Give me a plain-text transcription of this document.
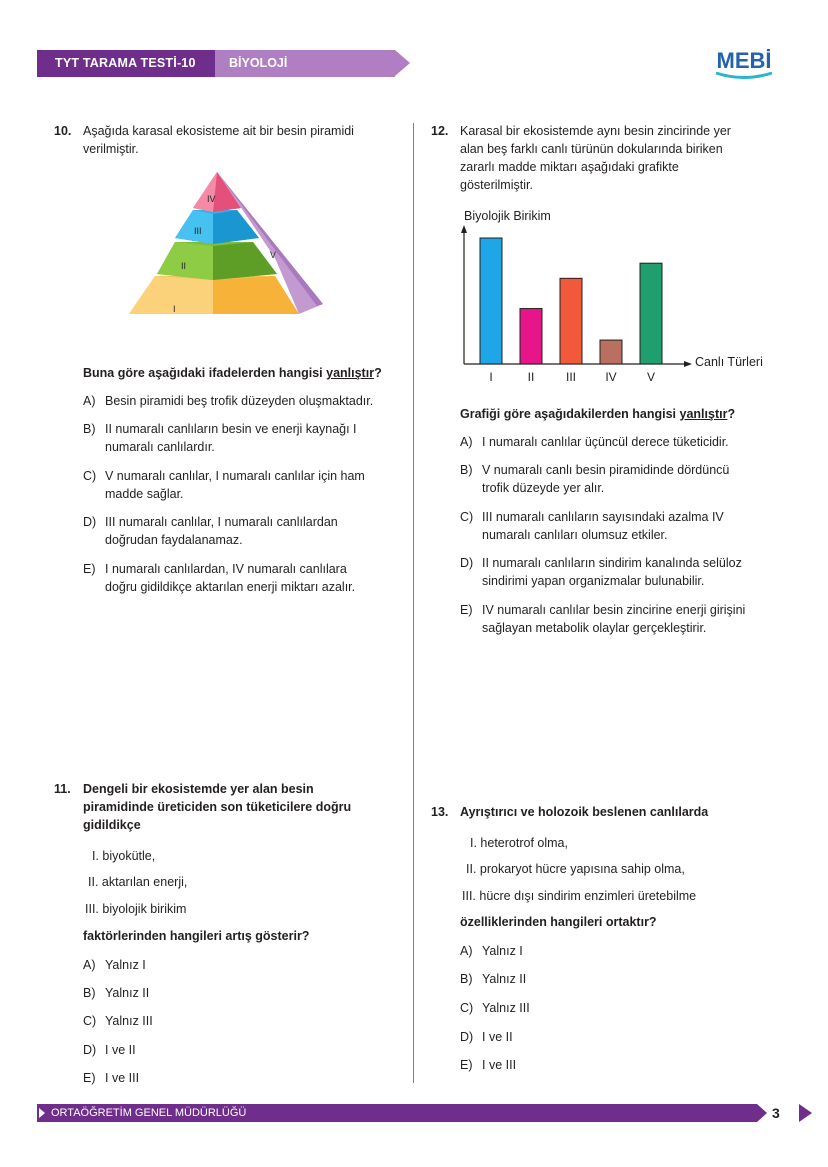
TYT TARAMA TESTİ-10	BİYOLOJİ	MEBİ
10. Aşağıda karasal ekosisteme ait bir besin piramidi
verilmiştir.
IV
III
II
I
V
Buna göre aşağıdaki ifadelerden hangisi yanlıştır?
A) Besin piramidi beş trofik düzeyden oluşmaktadır.
B) II numaralı canlıların besin ve enerji kaynağı I
numaralı canlılardır.
C) V numaralı canlılar, I numaralı canlılar için ham
madde sağlar.
D) III numaralı canlılar, I numaralı canlılardan
doğrudan faydalanamaz.
E) I numaralı canlılardan, IV numaralı canlılara
doğru gidildikçe aktarılan enerji miktarı azalır.
11. Dengeli bir ekosistemde yer alan besin
piramidinde üreticiden son tüketicilere doğru
gidildikçe
I. biyokütle,
II. aktarılan enerji,
III. biyolojik birikim
faktörlerinden hangileri artış gösterir?
A) Yalnız I
B) Yalnız II
C) Yalnız III
D) I ve II
E) I ve III
12. Karasal bir ekosistemde aynı besin zincirinde yer
alan beş farklı canlı türünün dokularında biriken
zararlı madde miktarı aşağıdaki grafikte
gösterilmiştir.
Biyolojik Birikim
Canlı Türleri
I	II	III IV	V
Grafiği göre aşağıdakilerden hangisi yanlıştır?
A) I numaralı canlılar üçüncül derece tüketicidir.
B) V numaralı canlı besin piramidinde dördüncü
trofik düzeyde yer alır.
C) III numaralı canlıların sayısındaki azalma IV
numaralı canlıları olumsuz etkiler.
D) II numaralı canlıların sindirim kanalında selüloz
sindirimi yapan organizmalar bulunabilir.
E) IV numaralı canlılar besin zincirine enerji girişini
sağlayan metabolik olaylar gerçekleştirir.
13. Ayrıştırıcı ve holozoik beslenen canlılarda
I. heterotrof olma,
II. prokaryot hücre yapısına sahip olma,
III. hücre dışı sindirim enzimleri üretebilme
özelliklerinden hangileri ortaktır?
A) Yalnız I
B) Yalnız II
C) Yalnız III
D) I ve II
E) I ve III
ORTAÖĞRETİM GENEL MÜDÜRLÜĞÜ	3
